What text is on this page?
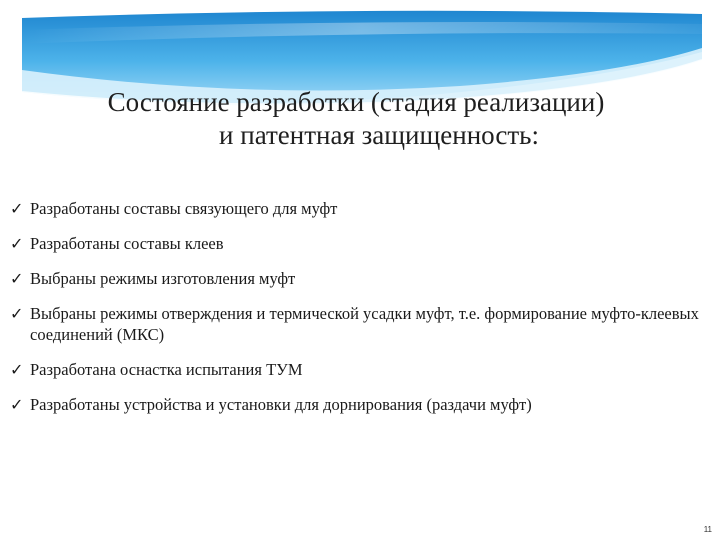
Состояние разработки (стадия реализации)
и патентная защищенность:
✓ Разработаны составы связующего для муфт
✓ Разработаны составы клеев
✓ Выбраны режимы изготовления муфт
✓ Выбраны режимы отверждения и термической усадки муфт, т.е. формирование муфто-клеевых соединений (МКС)
✓ Разработана оснастка испытания ТУМ
✓ Разработаны устройства и установки для дорнирования (раздачи муфт)
11
